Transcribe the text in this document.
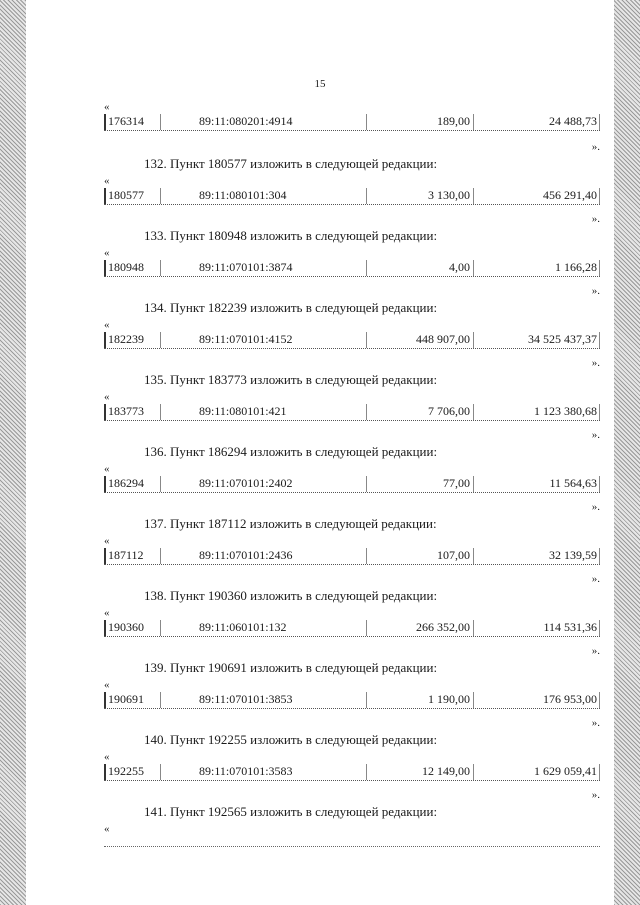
15
«
176314	89:11:080201:4914	189,00	24 488,73
».
132. Пункт 180577 изложить в следующей редакции:
«
180577	89:11:080101:304	3 130,00	456 291,40
».
133. Пункт 180948 изложить в следующей редакции:
«
180948	89:11:070101:3874	4,00	1 166,28
».
134. Пункт 182239 изложить в следующей редакции:
«
182239	89:11:070101:4152	448 907,00	34 525 437,37
».
135. Пункт 183773 изложить в следующей редакции:
«
183773	89:11:080101:421	7 706,00	1 123 380,68
».
136. Пункт 186294 изложить в следующей редакции:
«
186294	89:11:070101:2402	77,00	11 564,63
».
137. Пункт 187112 изложить в следующей редакции:
«
187112	89:11:070101:2436	107,00	32 139,59
».
138. Пункт 190360 изложить в следующей редакции:
«
190360	89:11:060101:132	266 352,00	114 531,36
».
139. Пункт 190691 изложить в следующей редакции:
«
190691	89:11:070101:3853	1 190,00	176 953,00
».
140. Пункт 192255 изложить в следующей редакции:
«
192255	89:11:070101:3583	12 149,00	1 629 059,41
».
141. Пункт 192565 изложить в следующей редакции:
«
